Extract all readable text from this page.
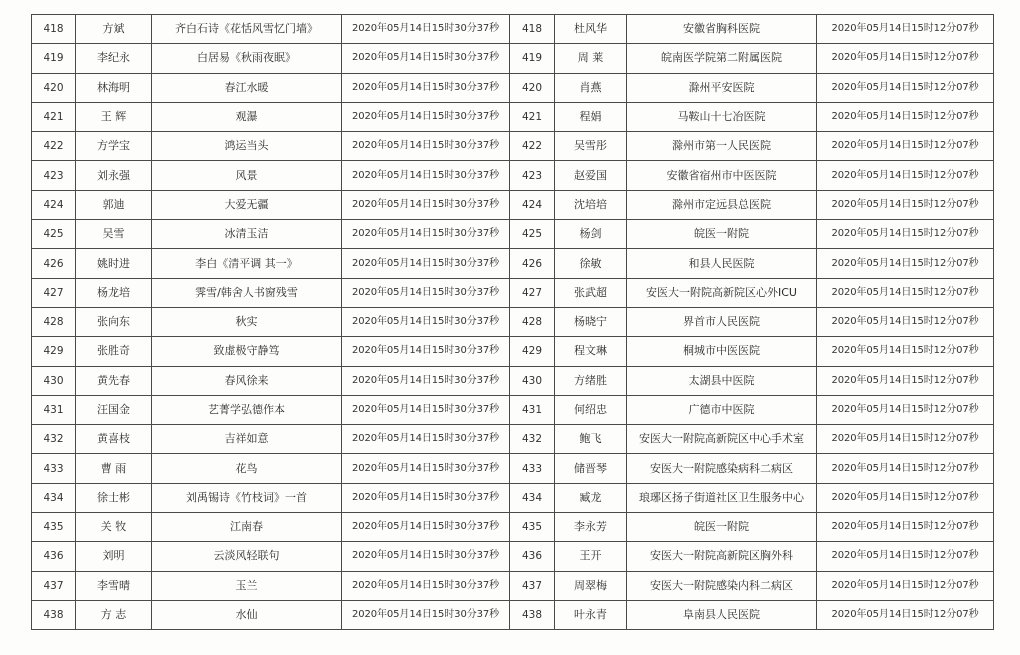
418	方斌	齐白石诗《花恬风雪忆门墙》	2020年05月14日15时30分37秒	418	杜风华	安徽省胸科医院	2020年05月14日15时12分07秒
419	李纪永	白居易《秋雨夜眠》	2020年05月14日15时30分37秒	419	周 莱	皖南医学院第二附属医院	2020年05月14日15时12分07秒
420	林海明	春江水暖	2020年05月14日15时30分37秒	420	肖燕	滁州平安医院	2020年05月14日15时12分07秒
421	王 辉	观瀑	2020年05月14日15时30分37秒	421	程娟	马鞍山十七冶医院	2020年05月14日15时12分07秒
422	方学宝	鸿运当头	2020年05月14日15时30分37秒	422	吴雪彤	滁州市第一人民医院	2020年05月14日15时12分07秒
423	刘永强	风景	2020年05月14日15时30分37秒	423	赵爱国	安徽省宿州市中医医院	2020年05月14日15时12分07秒
424	郭迪	大爱无疆	2020年05月14日15时30分37秒	424	沈培培	滁州市定远县总医院	2020年05月14日15时12分07秒
425	吴雪	冰清玉洁	2020年05月14日15时30分37秒	425	杨剑	皖医一附院	2020年05月14日15时12分07秒
426	姚时进	李白《清平调 其一》	2020年05月14日15时30分37秒	426	徐敏	和县人民医院	2020年05月14日15时12分07秒
427	杨龙培	霁雪/韩舍人书窗残雪	2020年05月14日15时30分37秒	427	张武超	安医大一附院高新院区心外ICU	2020年05月14日15时12分07秒
428	张向东	秋实	2020年05月14日15时30分37秒	428	杨晓宁	界首市人民医院	2020年05月14日15时12分07秒
429	张胜奇	致虚极守静笃	2020年05月14日15时30分37秒	429	程文琳	桐城市中医医院	2020年05月14日15时12分07秒
430	黄先春	春风徐来	2020年05月14日15时30分37秒	430	方绪胜	太湖县中医院	2020年05月14日15时12分07秒
431	汪国金	艺菁学弘德作本	2020年05月14日15时30分37秒	431	何绍忠	广德市中医院	2020年05月14日15时12分07秒
432	黄喜枝	吉祥如意	2020年05月14日15时30分37秒	432	鲍飞	安医大一附院高新院区中心手术室	2020年05月14日15时12分07秒
433	曹 雨	花鸟	2020年05月14日15时30分37秒	433	储晋琴	安医大一附院感染病科二病区	2020年05月14日15时12分07秒
434	徐士彬	刘禹锡诗《竹枝词》一首	2020年05月14日15时30分37秒	434	臧龙	琅琊区扬子街道社区卫生服务中心	2020年05月14日15时12分07秒
435	关 牧	江南春	2020年05月14日15时30分37秒	435	李永芳	皖医一附院	2020年05月14日15时12分07秒
436	刘明	云淡风轻联句	2020年05月14日15时30分37秒	436	王开	安医大一附院高新院区胸外科	2020年05月14日15时12分07秒
437	李雪晴	玉兰	2020年05月14日15时30分37秒	437	周翠梅	安医大一附院感染内科二病区	2020年05月14日15时12分07秒
438	方 志	水仙	2020年05月14日15时30分37秒	438	叶永青	阜南县人民医院	2020年05月14日15时12分07秒
